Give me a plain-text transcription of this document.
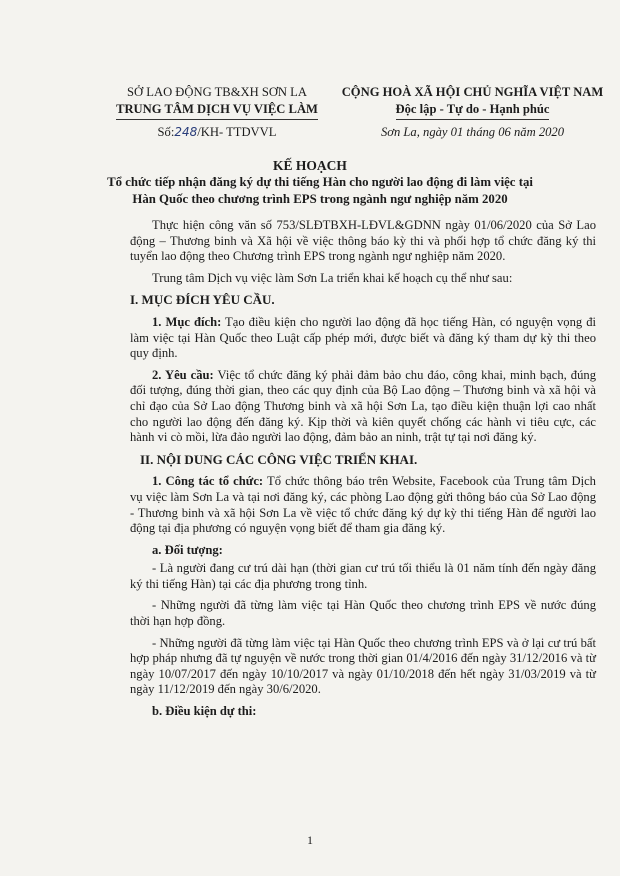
SỞ LAO ĐỘNG TB&XH SƠN LA
TRUNG TÂM DỊCH VỤ VIỆC LÀM
Số:248/KH- TTDVVL
CỘNG HOÀ XÃ HỘI CHỦ NGHĨA VIỆT NAM
Độc lập - Tự do - Hạnh phúc
Sơn La, ngày 01 tháng 06 năm 2020
KẾ HOẠCH
Tổ chức tiếp nhận đăng ký dự thi tiếng Hàn cho người lao động đi làm việc tại Hàn Quốc theo chương trình EPS trong ngành ngư nghiệp năm 2020

Thực hiện công văn số 753/SLĐTBXH-LĐVL&GDNN ngày 01/06/2020 của Sở Lao động – Thương binh và Xã hội về việc thông báo kỳ thi và phối hợp tổ chức đăng ký thi tuyển lao động theo Chương trình EPS trong ngành ngư nghiệp năm 2020.

Trung tâm Dịch vụ việc làm Sơn La triển khai kế hoạch cụ thể như sau:

I. MỤC ĐÍCH YÊU CẦU.

1. Mục đích: Tạo điều kiện cho người lao động đã học tiếng Hàn, có nguyện vọng đi làm việc tại Hàn Quốc theo Luật cấp phép mới, được biết và đăng ký tham dự kỳ thi theo quy định.

2. Yêu cầu: Việc tổ chức đăng ký phải đảm bảo chu đáo, công khai, minh bạch, đúng đối tượng, đúng thời gian, theo các quy định của Bộ Lao động – Thương binh và xã hội và chỉ đạo của Sở Lao động Thương binh và xã hội Sơn La, tạo điều kiện thuận lợi cao nhất cho người lao động đến đăng ký. Kịp thời và kiên quyết chống các hành vi tiêu cực, các hành vi cò mồi, lừa đảo người lao động, đảm bảo an ninh, trật tự tại nơi đăng ký.

II. NỘI DUNG CÁC CÔNG VIỆC TRIỂN KHAI.

1. Công tác tổ chức: Tổ chức thông báo trên Website, Facebook của Trung tâm Dịch vụ việc làm Sơn La và tại nơi đăng ký, các phòng Lao động gửi thông báo của Sở Lao động - Thương binh và xã hội Sơn La về việc tổ chức đăng ký dự kỳ thi tiếng Hàn để người lao động tại địa phương có nguyện vọng biết để tham gia đăng ký.

a. Đối tượng:

- Là người đang cư trú dài hạn (thời gian cư trú tối thiểu là 01 năm tính đến ngày đăng ký thi tiếng Hàn) tại các địa phương trong tỉnh.

- Những người đã từng làm việc tại Hàn Quốc theo chương trình EPS về nước đúng thời hạn hợp đồng.

- Những người đã từng làm việc tại Hàn Quốc theo chương trình EPS và ở lại cư trú bất hợp pháp nhưng đã tự nguyện về nước trong thời gian 01/4/2016 đến ngày 31/12/2016 và từ ngày 10/07/2017 đến ngày 10/10/2017 và ngày 01/10/2018 đến hết ngày 31/03/2019 và từ ngày 11/12/2019 đến ngày 30/6/2020.

b. Điều kiện dự thi:

1
